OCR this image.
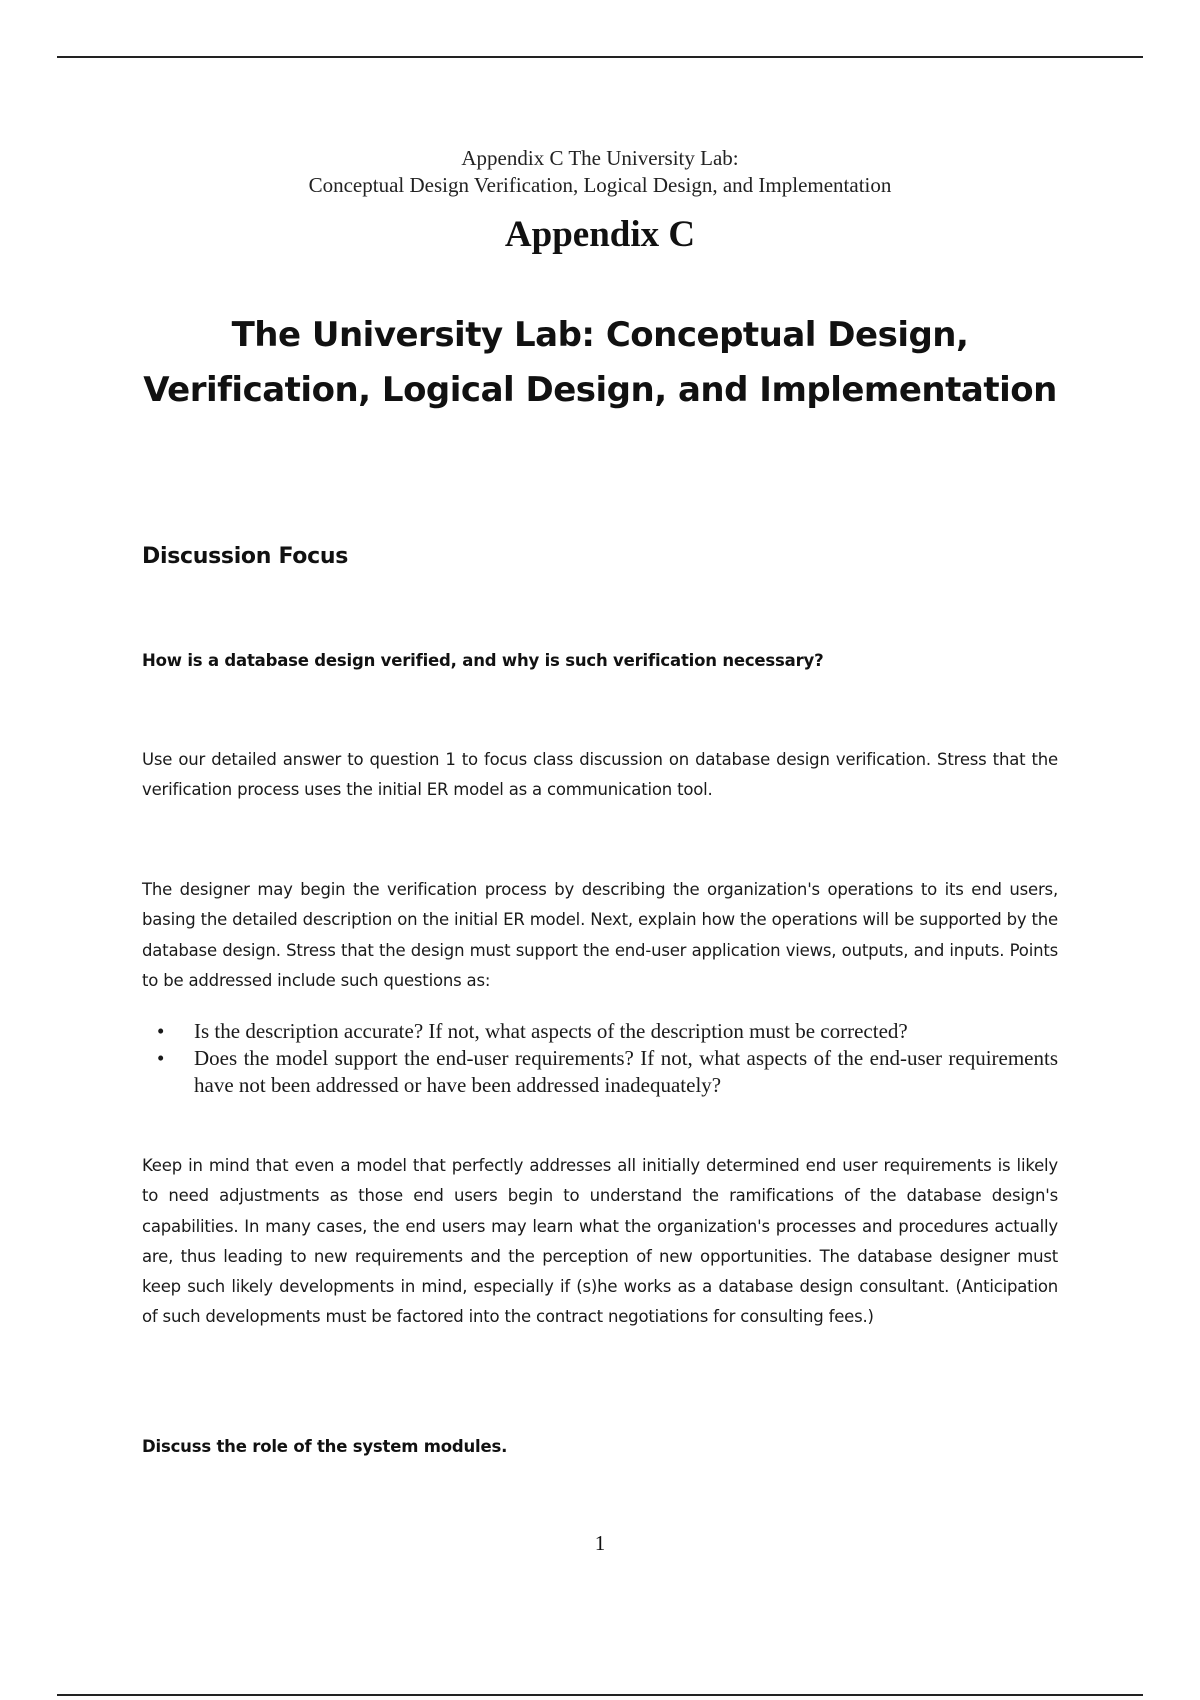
Appendix C The University Lab:
Conceptual Design Verification, Logical Design, and Implementation
Appendix C
The University Lab: Conceptual Design, Verification, Logical Design, and Implementation
Discussion Focus
How is a database design verified, and why is such verification necessary?

Use our detailed answer to question 1 to focus class discussion on database design verification. Stress that the verification process uses the initial ER model as a communication tool.

The designer may begin the verification process by describing the organization's operations to its end users, basing the detailed description on the initial ER model. Next, explain how the operations will be supported by the database design. Stress that the design must support the end-user application views, outputs, and inputs. Points to be addressed include such questions as:

• Is the description accurate? If not, what aspects of the description must be corrected?
• Does the model support the end-user requirements? If not, what aspects of the end-user requirements have not been addressed or have been addressed inadequately?

Keep in mind that even a model that perfectly addresses all initially determined end user requirements is likely to need adjustments as those end users begin to understand the ramifications of the database design's capabilities. In many cases, the end users may learn what the organization's processes and procedures actually are, thus leading to new requirements and the perception of new opportunities. The database designer must keep such likely developments in mind, especially if (s)he works as a database design consultant. (Anticipation of such developments must be factored into the contract negotiations for consulting fees.)

Discuss the role of the system modules.
1
